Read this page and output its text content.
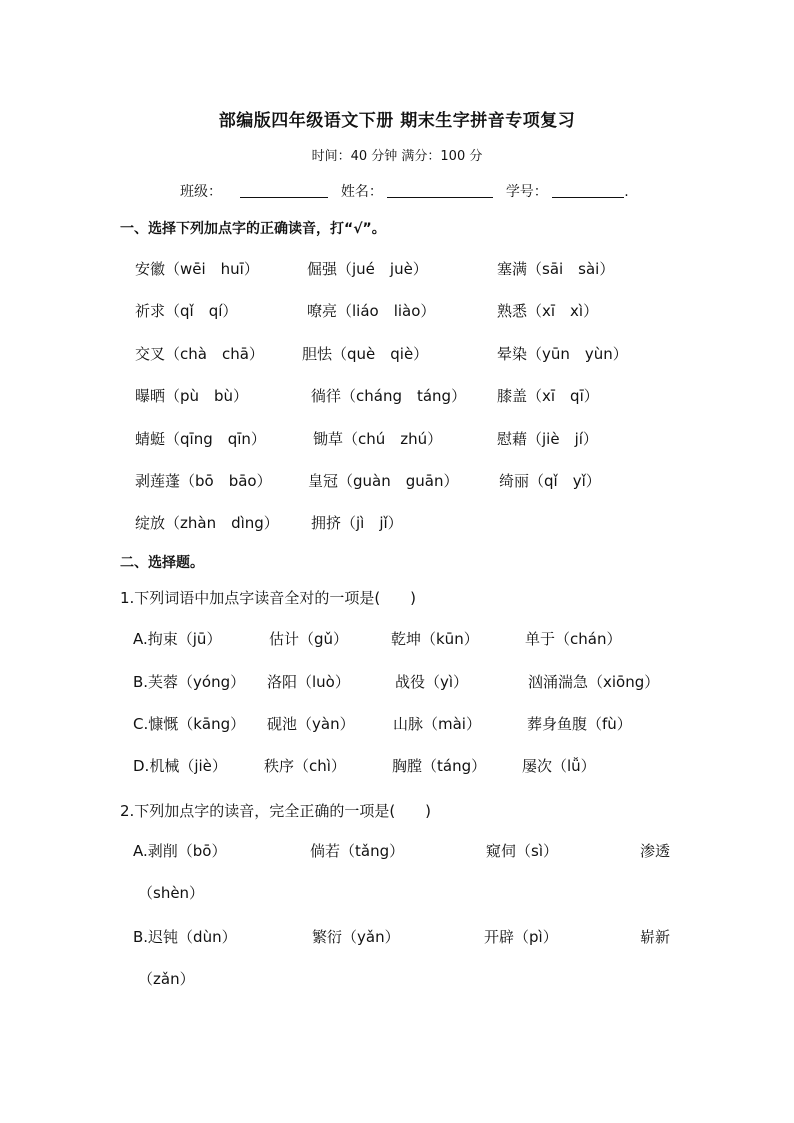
部编版四年级语文下册 期末生字拼音专项复习
时间：40 分钟 满分：100 分
班级：	姓名：	学号：	.
一、选择下列加点字的正确读音，打“√”。
安徽（wēi　huī）	倔强（jué　juè）	塞满（sāi　sài）
祈求（qǐ　qí）	嘹亮（liáo　liào）	熟悉（xī　xì）
交叉（chà　chā）	胆怯（què　qiè）	晕染（yūn　yùn）
曝晒（pù　bù）	徜徉（cháng　táng） 膝盖（xī　qī）
蜻蜓（qīng　qīn）	锄草（chú　zhú）	慰藉（jiè　jí）
剥莲蓬（bō　bāo） 皇冠（guàn　guān）	绮丽（qǐ　yǐ）
绽放（zhàn　dìng） 拥挤（jì　jǐ）
二、选择题。
1.下列词语中加点字读音全对的一项是(　　)
A.拘束（jū）	估计（gǔ）	乾坤（kūn）	单于（chán）
B.芙蓉（yóng） 洛阳（luò）	战役（yì）	汹涌湍急（xiōng）
C.慷慨（kāng） 砚池（yàn）	山脉（mài）	葬身鱼腹（fù）
D.机械（jiè） 秩序（chì）	胸膛（táng） 屡次（lǚ）
2.下列加点字的读音，完全正确的一项是(　　)
A.剥削（bō）	倘若（tǎng）	窥伺（sì）	渗透
（shèn）
B.迟钝（dùn）	繁衍（yǎn）	开辟（pì）	崭新
（zǎn）
